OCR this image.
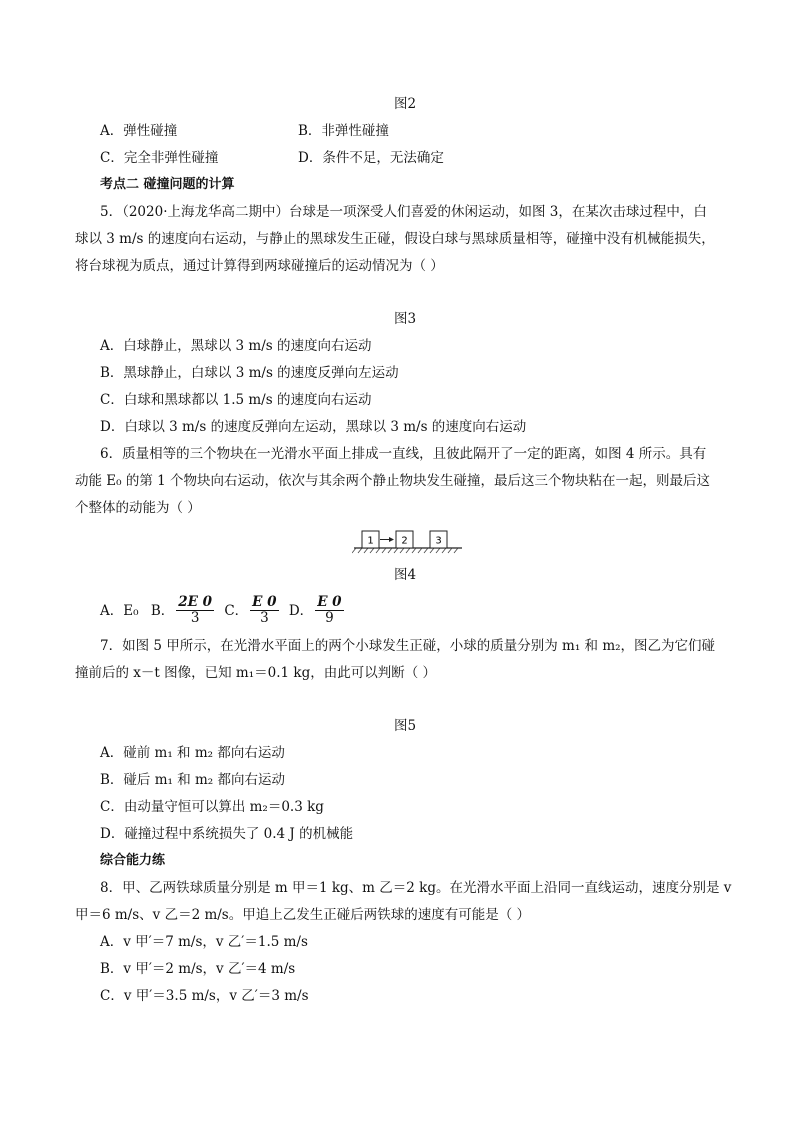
图2
A．弹性碰撞	B．非弹性碰撞
C．完全非弹性碰撞	D．条件不足，无法确定
考点二 碰撞问题的计算
5．（2020·上海龙华高二期中）台球是一项深受人们喜爱的休闲运动，如图 3，在某次击球过程中，白
球以 3 m/s 的速度向右运动，与静止的黑球发生正碰，假设白球与黑球质量相等，碰撞中没有机械能损失，
将台球视为质点，通过计算得到两球碰撞后的运动情况为（ ）
图3
A．白球静止，黑球以 3 m/s 的速度向右运动
B．黑球静止，白球以 3 m/s 的速度反弹向左运动
C．白球和黑球都以 1.5 m/s 的速度向右运动
D．白球以 3 m/s 的速度反弹向左运动，黑球以 3 m/s 的速度向右运动
6．质量相等的三个物块在一光滑水平面上排成一直线，且彼此隔开了一定的距离，如图 4 所示。具有
动能 E₀ 的第 1 个物块向右运动，依次与其余两个静止物块发生碰撞，最后这三个物块粘在一起，则最后这
个整体的动能为（ ）
1	2	3
图4
A．E₀ B． $\frac{2E 0}{3}$ C． $\frac{E 0}{3}$ D． $\frac{E 0}{9}$
7．如图 5 甲所示，在光滑水平面上的两个小球发生正碰，小球的质量分别为 m₁ 和 m₂，图乙为它们碰
撞前后的 x－t 图像，已知 m₁＝0.1 kg，由此可以判断（ ）
图5
A．碰前 m₁ 和 m₂ 都向右运动
B．碰后 m₁ 和 m₂ 都向右运动
C．由动量守恒可以算出 m₂＝0.3 kg
D．碰撞过程中系统损失了 0.4 J 的机械能
综合能力练
8．甲、乙两铁球质量分别是 m 甲＝1 kg、m 乙＝2 kg。在光滑水平面上沿同一直线运动，速度分别是 v
甲＝6 m/s、v 乙＝2 m/s。甲追上乙发生正碰后两铁球的速度有可能是（ ）
A．v 甲′＝7 m/s，v 乙′＝1.5 m/s
B．v 甲′＝2 m/s，v 乙′＝4 m/s
C．v 甲′＝3.5 m/s，v 乙′＝3 m/s
